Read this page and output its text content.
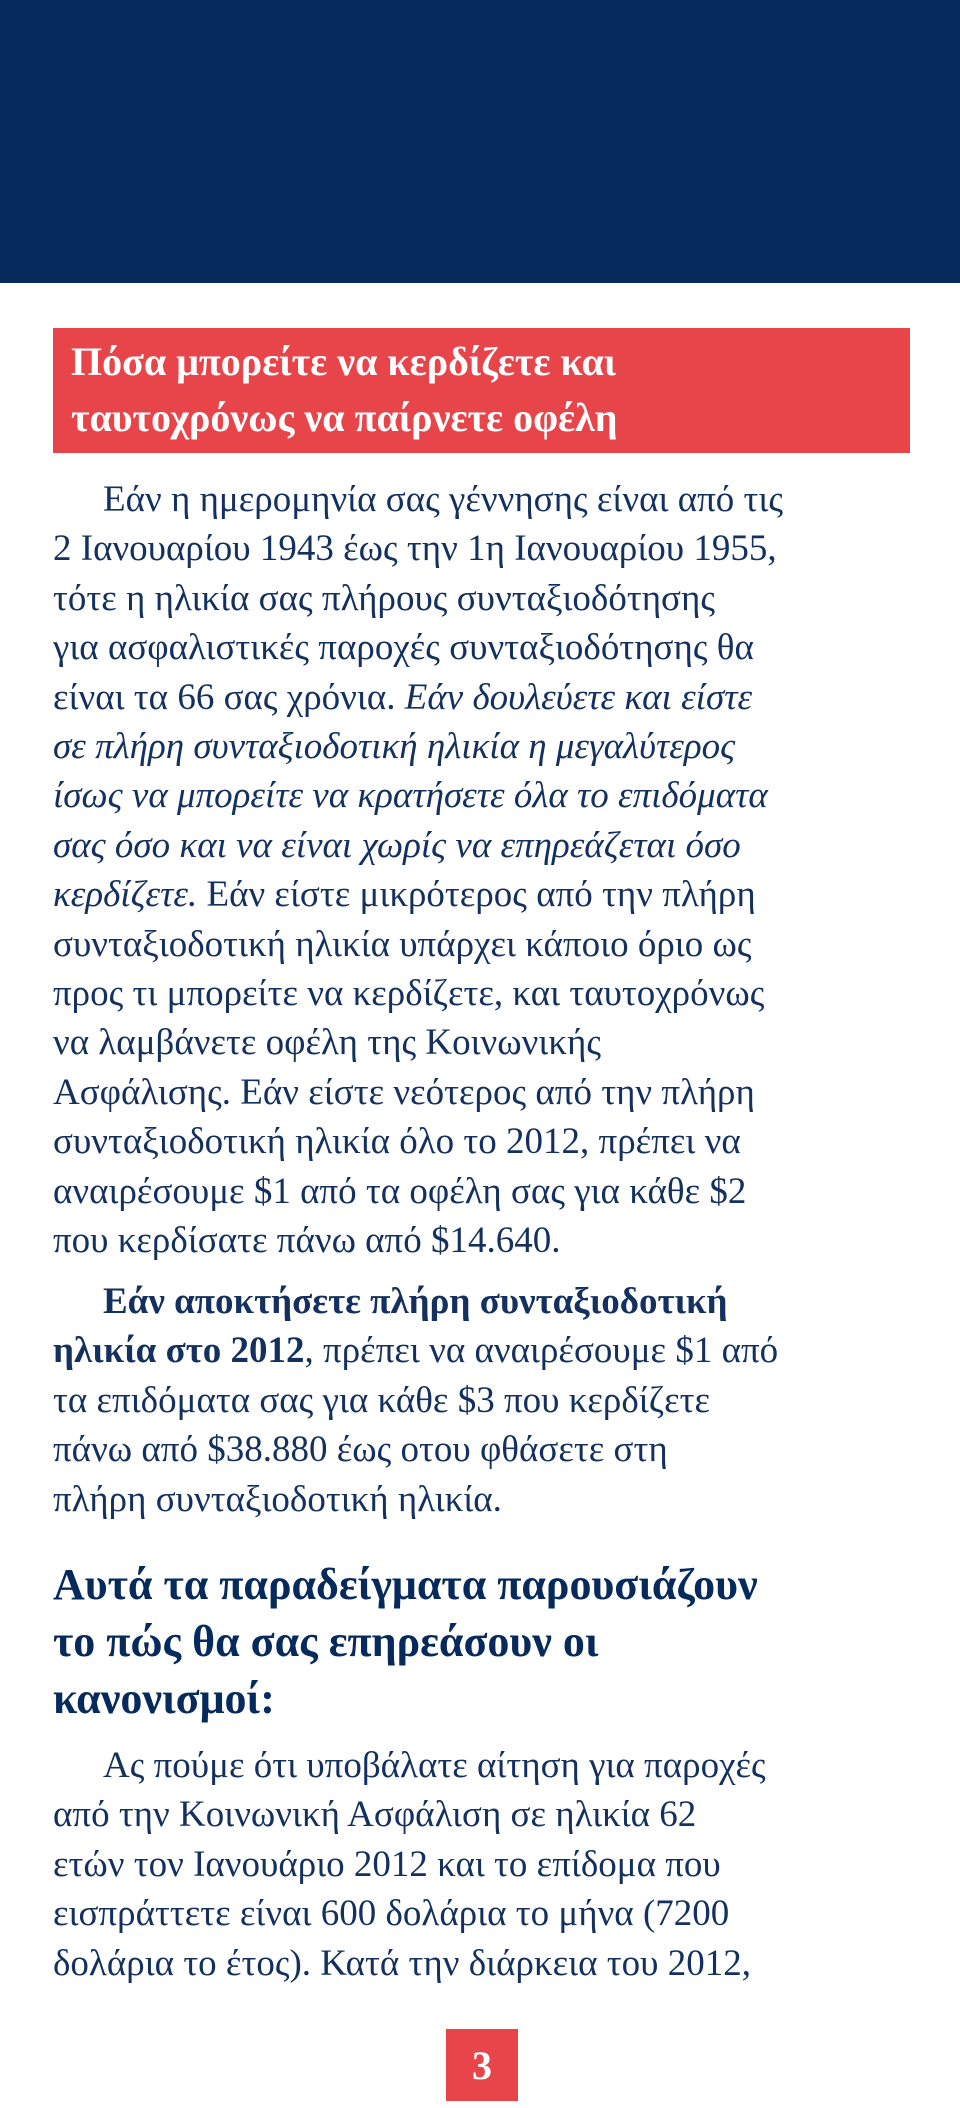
Πόσα μπορείτε να κερδίζετε και
ταυτοχρόνως να παίρνετε οφέλη
Εάν η ημερομηνία σας γέννησης είναι από τις
2 Ιανουαρίου 1943 έως την 1η Ιανουαρίου 1955,
τότε η ηλικία σας πλήρους συνταξιοδότησης
για ασφαλιστικές παροχές συνταξιοδότησης θα
είναι τα 66 σας χρόνια. Εάν δουλεύετε και είστε
σε πλήρη συνταξιοδοτική ηλικία η μεγαλύτερος
ίσως να μπορείτε να κρατήσετε όλα το επιδόματα
σας όσο και να είναι χωρίς να επηρεάζεται όσο
κερδίζετε. Εάν είστε μικρότερος από την πλήρη
συνταξιοδοτική ηλικία υπάρχει κάποιο όριο ως
προς τι μπορείτε να κερδίζετε, και ταυτοχρόνως
να λαμβάνετε οφέλη της Κοινωνικής
Ασφάλισης. Εάν είστε νεότερος από την πλήρη
συνταξιοδοτική ηλικία όλο το 2012, πρέπει να
αναιρέσουμε $1 από τα οφέλη σας για κάθε $2
που κερδίσατε πάνω από $14.640.
Εάν αποκτήσετε πλήρη συνταξιοδοτική
ηλικία στο 2012, πρέπει να αναιρέσουμε $1 από
τα επιδόματα σας για κάθε $3 που κερδίζετε
πάνω από $38.880 έως οτου φθάσετε στη
πλήρη συνταξιοδοτική ηλικία.
Αυτά τα παραδείγματα παρουσιάζουν
το πώς θα σας επηρεάσουν οι
κανονισμοί:
Ας πούμε ότι υποβάλατε αίτηση για παροχές
από την Κοινωνική Ασφάλιση σε ηλικία 62
ετών τον Ιανουάριο 2012 και το επίδομα που
εισπράττετε είναι 600 δολάρια το μήνα (7200
δολάρια το έτος). Κατά την διάρκεια του 2012,
3
